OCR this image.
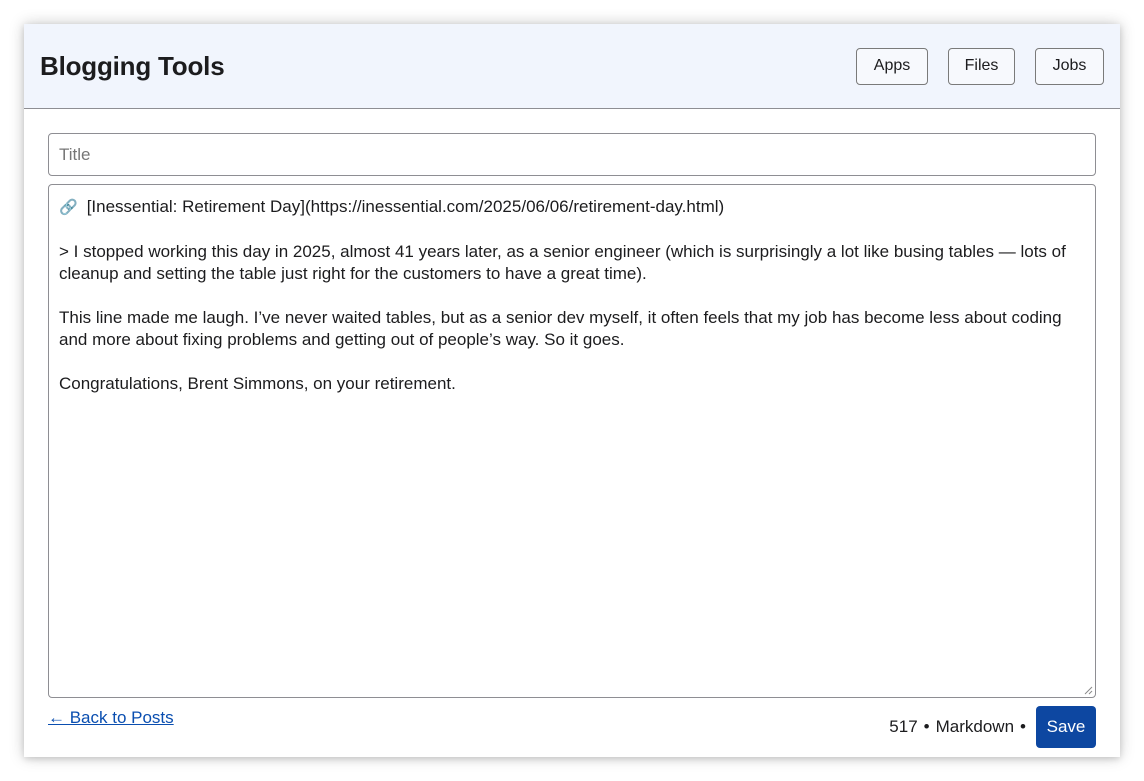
Blogging Tools	Apps	Files	Jobs
Title

🔗 [Inessential: Retirement Day](https://inessential.com/2025/06/06/retirement-day.html)

> I stopped working this day in 2025, almost 41 years later, as a senior engineer (which is surprisingly a lot like busing tables — lots of cleanup and setting the table just right for the customers to have a great time).

This line made me laugh. I’ve never waited tables, but as a senior dev myself, it often feels that my job has become less about coding and more about fixing problems and getting out of people’s way. So it goes.

Congratulations, Brent Simmons, on your retirement.

← Back to Posts	517 • Markdown •	Save
